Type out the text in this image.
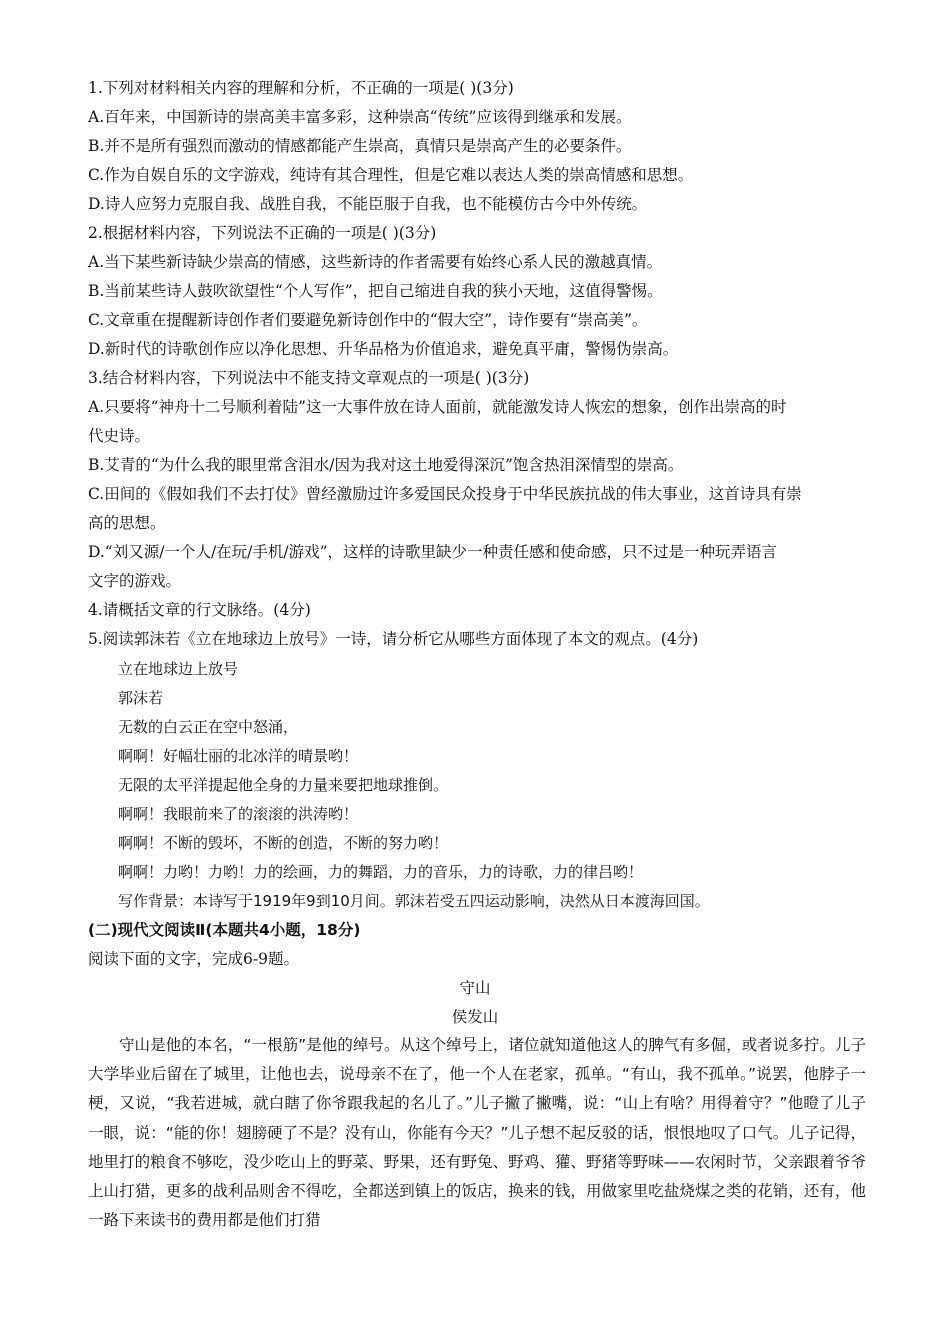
1.下列对材料相关内容的理解和分析，不正确的一项是( )(3分)
A.百年来，中国新诗的崇高美丰富多彩，这种崇高“传统”应该得到继承和发展。
B.并不是所有强烈而激动的情感都能产生崇高，真情只是崇高产生的必要条件。
C.作为自娱自乐的文字游戏，纯诗有其合理性，但是它难以表达人类的崇高情感和思想。
D.诗人应努力克服自我、战胜自我，不能臣服于自我，也不能模仿古今中外传统。
2.根据材料内容，下列说法不正确的一项是( )(3分)
A.当下某些新诗缺少崇高的情感，这些新诗的作者需要有始终心系人民的激越真情。
B.当前某些诗人鼓吹欲望性“个人写作”，把自己缩进自我的狭小天地，这值得警惕。
C.文章重在提醒新诗创作者们要避免新诗创作中的“假大空”，诗作要有“崇高美”。
D.新时代的诗歌创作应以净化思想、升华品格为价值追求，避免真平庸，警惕伪崇高。
3.结合材料内容，下列说法中不能支持文章观点的一项是( )(3分)
A.只要将“神舟十二号顺利着陆”这一大事件放在诗人面前，就能激发诗人恢宏的想象，创作出崇高的时
代史诗。
B.艾青的“为什么我的眼里常含泪水/因为我对这土地爱得深沉”饱含热泪深情型的崇高。
C.田间的《假如我们不去打仗》曾经激励过许多爱国民众投身于中华民族抗战的伟大事业，这首诗具有崇
高的思想。
D.“刘又源/一个人/在玩/手机/游戏”，这样的诗歌里缺少一种责任感和使命感，只不过是一种玩弄语言
文字的游戏。
4.请概括文章的行文脉络。(4分)
5.阅读郭沫若《立在地球边上放号》一诗，请分析它从哪些方面体现了本文的观点。(4分)
立在地球边上放号
郭沫若
无数的白云正在空中怒涌，
啊啊！好幅壮丽的北冰洋的晴景哟！
无限的太平洋提起他全身的力量来要把地球推倒。
啊啊！我眼前来了的滚滚的洪涛哟！
啊啊！不断的毁坏，不断的创造，不断的努力哟！
啊啊！力哟！力哟！力的绘画，力的舞蹈，力的音乐，力的诗歌，力的律吕哟！
写作背景：本诗写于1919年9到10月间。郭沫若受五四运动影响，决然从日本渡海回国。
(二)现代文阅读Ⅱ(本题共4小题，18分)
阅读下面的文字，完成6-9题。
守山
侯发山
守山是他的本名，“一根筋”是他的绰号。从这个绰号上，诸位就知道他这人的脾气有多倔，或者说多拧。儿子大学毕业后留在了城里，让他也去，说母亲不在了，他一个人在老家，孤单。“有山，我不孤单。”说罢，他脖子一梗，又说，“我若进城，就白瞎了你爷跟我起的名儿了。”儿子撇了撇嘴，说：“山上有啥？用得着守？”他瞪了儿子一眼，说：“能的你！翅膀硬了不是？没有山，你能有今天？”儿子想不起反驳的话，恨恨地叹了口气。儿子记得，地里打的粮食不够吃，没少吃山上的野菜、野果，还有野兔、野鸡、獾、野猪等野味——农闲时节，父亲跟着爷爷上山打猎，更多的战利品则舍不得吃，全都送到镇上的饭店，换来的钱，用做家里吃盐烧煤之类的花销，还有，他一路下来读书的费用都是他们打猎
